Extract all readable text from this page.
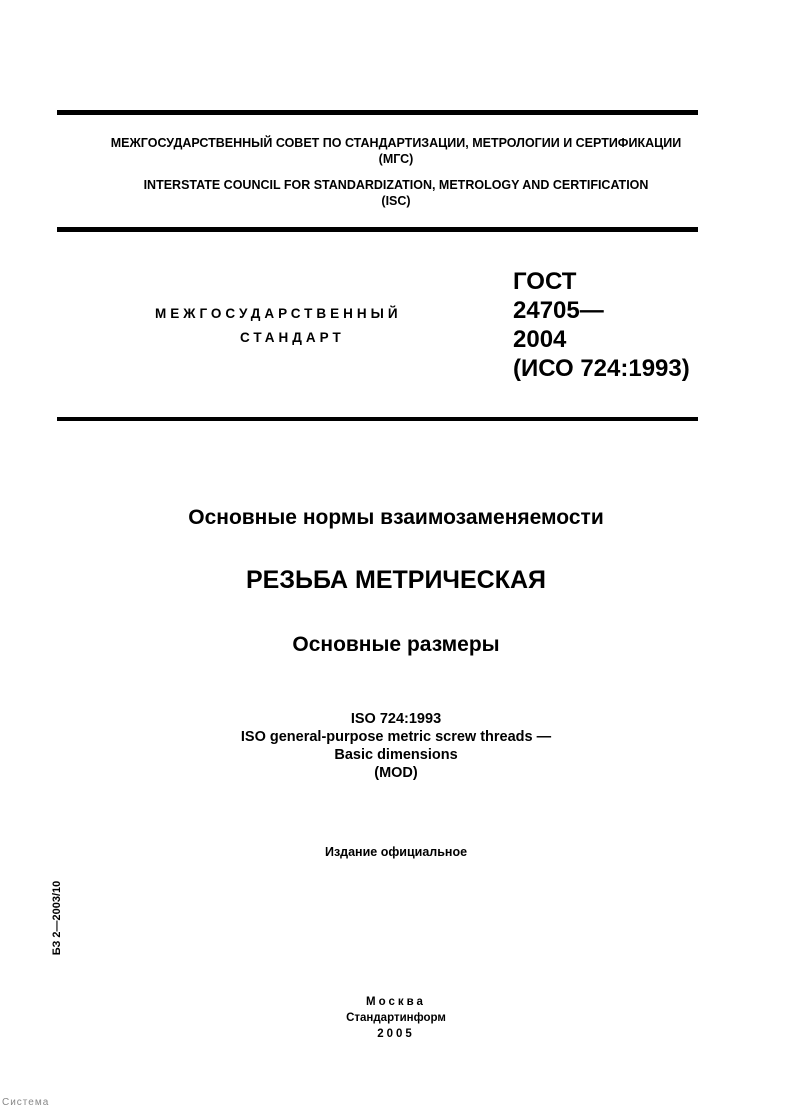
МЕЖГОСУДАРСТВЕННЫЙ СОВЕТ ПО СТАНДАРТИЗАЦИИ, МЕТРОЛОГИИ И СЕРТИФИКАЦИИ
(МГС)
INTERSTATE COUNCIL FOR STANDARDIZATION, METROLOGY AND CERTIFICATION
(ISC)
МЕЖГОСУДАРСТВЕННЫЙ
СТАНДАРТ
ГОСТ
24705—
2004
(ИСО 724:1993)
Основные нормы взаимозаменяемости
РЕЗЬБА МЕТРИЧЕСКАЯ
Основные размеры
ISO 724:1993
ISO general-purpose metric screw threads —
Basic dimensions
(MOD)
Издание официальное
БЗ 2—2003/10
Москва
Стандартинформ
2005
Система
